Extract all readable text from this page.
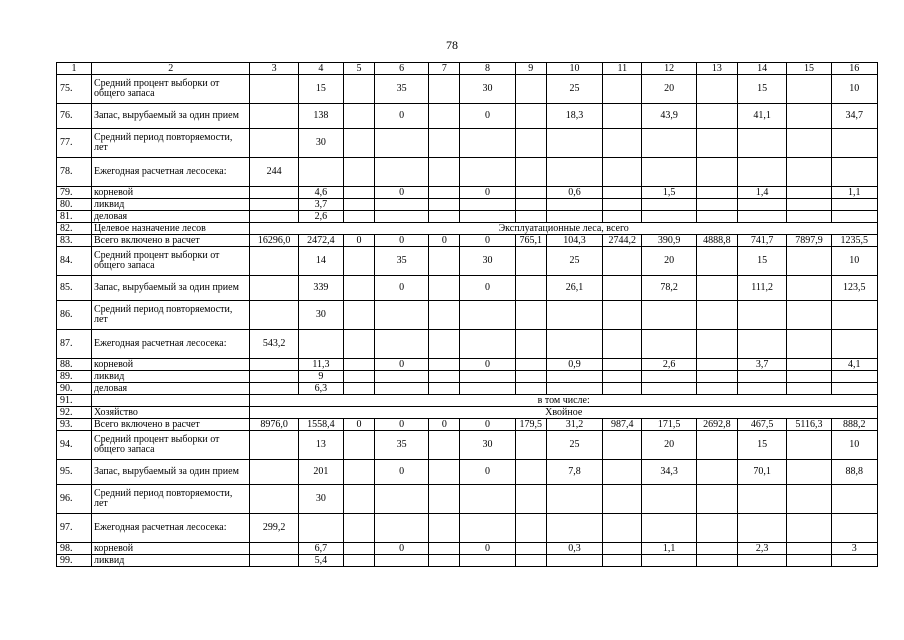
78
1	2	3	4	5	6	7	8	9	10	11	12	13	14	15	16
75.	Средний процент выборки от общего запаса		15		35		30		25		20		15		10
76.	Запас, вырубаемый за один прием		138		0		0		18,3		43,9		41,1		34,7
77.	Средний период повторяемости, лет		30												
78.	Ежегодная расчетная лесосека:	244													
79.	корневой		4,6		0		0		0,6		1,5		1,4		1,1
80.	ликвид		3,7												
81.	деловая		2,6												
82.	Целевое назначение лесов	Эксплуатационные леса, всего													
83.	Всего включено в расчет	16296,0	2472,4	0	0	0	0	765,1	104,3	2744,2	390,9	4888,8	741,7	7897,9	1235,5
84.	Средний процент выборки от общего запаса		14		35		30		25		20		15		10
85.	Запас, вырубаемый за один прием		339		0		0		26,1		78,2		111,2		123,5
86.	Средний период повторяемости, лет		30												
87.	Ежегодная расчетная лесосека:	543,2													
88.	корневой		11,3		0		0		0,9		2,6		3,7		4,1
89.	ликвид		9												
90.	деловая		6,3												
91.		в том числе:													
92.	Хозяйство	Хвойное													
93.	Всего включено в расчет	8976,0	1558,4	0	0	0	0	179,5	31,2	987,4	171,5	2692,8	467,5	5116,3	888,2
94.	Средний процент выборки от общего запаса		13		35		30		25		20		15		10
95.	Запас, вырубаемый за один прием		201		0		0		7,8		34,3		70,1		88,8
96.	Средний период повторяемости, лет		30												
97.	Ежегодная расчетная лесосека:	299,2													
98.	корневой		6,7		0		0		0,3		1,1		2,3		3
99.	ликвид		5,4												
